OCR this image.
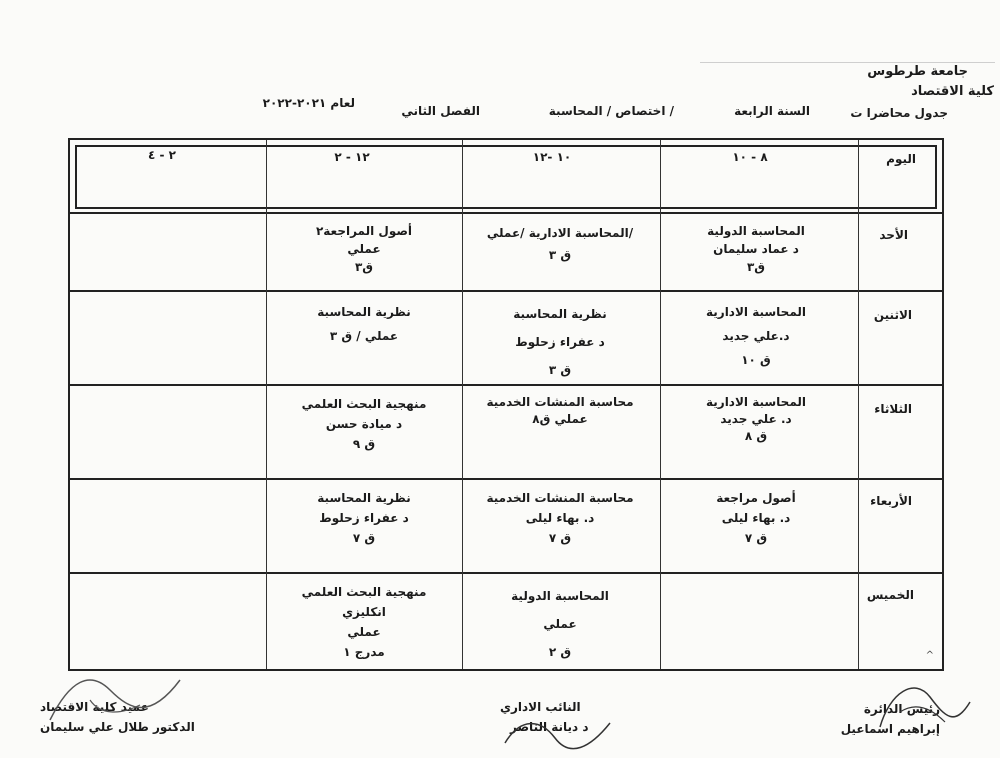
جامعة طرطوس
كلية الاقتصاد
جدول محاضرا ت
السنة الرابعة
اختصاص / المحاسبة /
الفصل الثاني
لعام ٢٠٢١-٢٠٢٢
اليوم
٨ - ١٠
١٠ -١٢
١٢ - ٢
٢ - ٤
الأحد
الاثنين
الثلاثاء
الأربعاء
الخميس
المحاسبة الدولية
د عماد سليمان
ق٣
المحاسبة الادارية /عملي/
ق ٣
أصول المراجعة٢
عملي
ق٣
المحاسبة الادارية
د.علي جديد
ق ١٠
نظرية المحاسبة
د عفراء زحلوط
ق ٣
نظرية المحاسبة
عملي / ق ٣
المحاسبة الادارية
د. علي جديد
ق ٨
محاسبة المنشات الخدمية
عملي ق٨
منهجية البحث العلمي
د ميادة حسن
ق ٩
أصول مراجعة
د. بهاء ليلى
ق ٧
محاسبة المنشات الخدمية
د. بهاء ليلى
ق ٧
نظرية المحاسبة
د عفراء زحلوط
ق ٧
المحاسبة الدولية
عملي
ق ٢
منهجية البحث العلمي
انكليزي
عملي
مدرج ١	^
عميد كلية الاقتصاد
الدكتور طلال علي سليمان
النائب الاداري
د ديانة الناصر
رئيس الدائرة
إبراهيم اسماعيل
